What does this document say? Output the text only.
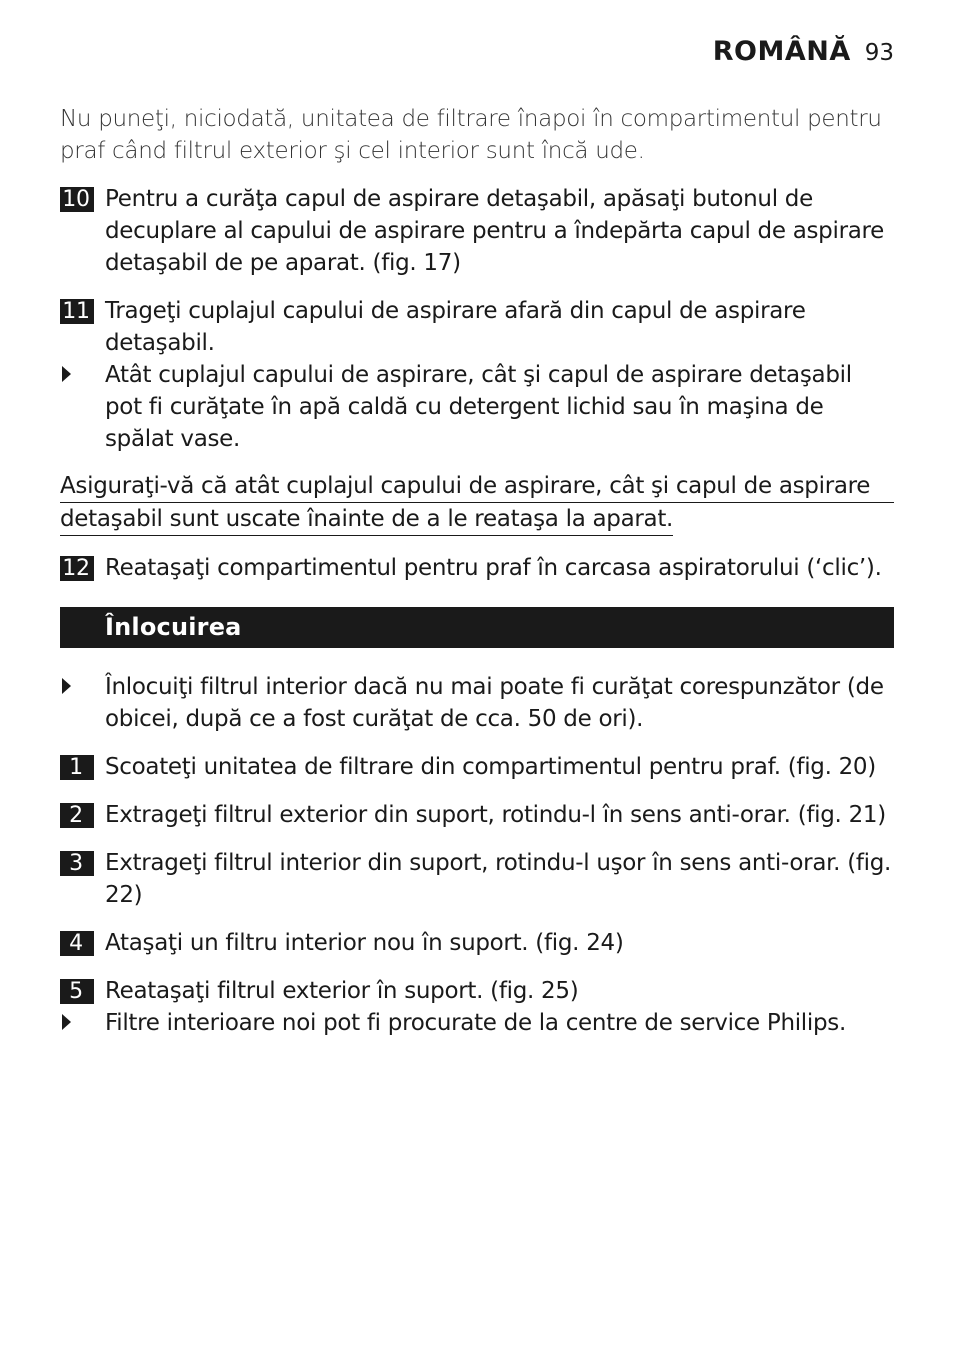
ROMÂNĂ 93

Nu puneţi, niciodată, unitatea de filtrare înapoi în compartimentul pentru praf când filtrul exterior şi cel interior sunt încă ude.

10 Pentru a curăţa capul de aspirare detaşabil, apăsaţi butonul de decuplare al capului de aspirare pentru a îndepărta capul de aspirare detaşabil de pe aparat. (fig. 17)
11 Trageţi cuplajul capului de aspirare afară din capul de aspirare detaşabil.
Atât cuplajul capului de aspirare, cât şi capul de aspirare detaşabil pot fi curăţate în apă caldă cu detergent lichid sau în maşina de spălat vase.
Asiguraţi-vă că atât cuplajul capului de aspirare, cât şi capul de aspirare
detaşabil sunt uscate înainte de a le reataşa la aparat.
12 Reataşaţi compartimentul pentru praf în carcasa aspiratorului (‘clic’).
Înlocuirea
Înlocuiţi filtrul interior dacă nu mai poate fi curăţat corespunzător (de obicei, după ce a fost curăţat de cca. 50 de ori).
1 Scoateţi unitatea de filtrare din compartimentul pentru praf. (fig. 20)
2 Extrageţi filtrul exterior din suport, rotindu-l în sens anti-orar. (fig. 21)
3 Extrageţi filtrul interior din suport, rotindu-l uşor în sens anti-orar. (fig. 22)
4 Ataşaţi un filtru interior nou în suport. (fig. 24)
5 Reataşaţi filtrul exterior în suport. (fig. 25)
Filtre interioare noi pot fi procurate de la centre de service Philips.
